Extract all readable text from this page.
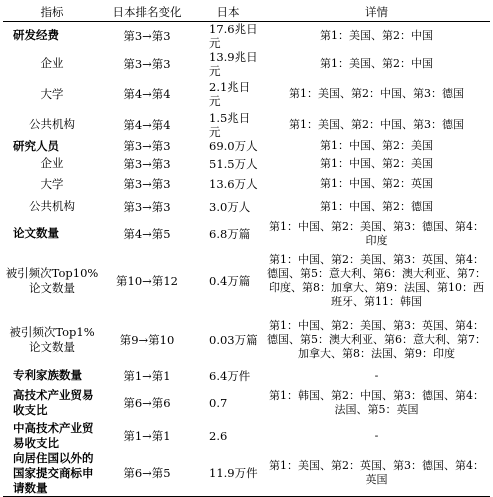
指标	日本排名变化	日本	详情
研发经费	第3→第3	17.6兆日元	第1：美国、第2：中国
企业	第3→第3	13.9兆日元	第1：美国、第2：中国
大学	第4→第4	2.1兆日元	第1：美国、第2：中国、第3：德国
公共机构	第4→第4	1.5兆日元	第1：美国、第2：中国、第3：德国
研究人员	第3→第3	69.0万人	第1：中国、第2：美国
企业	第3→第3	51.5万人	第1：中国、第2：美国
大学	第3→第3	13.6万人	第1：中国、第2：英国
公共机构	第3→第3	3.0万人	第1：中国、第2：德国
论文数量	第4→第5	6.8万篇	第1：中国、第2：美国、第3：德国、第4：印度
被引频次Top10%论文数量	第10→第12	0.4万篇	第1：中国、第2：美国、第3：英国、第4：德国、第5：意大利、第6：澳大利亚、第7：印度、第8：加拿大、第9：法国、第10：西班牙、第11：韩国
被引频次Top1%论文数量	第9→第10	0.03万篇	第1：中国、第2：美国、第3：英国、第4：德国、第5：澳大利亚、第6：意大利、第7：加拿大、第8：法国、第9：印度
专利家族数量	第1→第1	6.4万件	-
高技术产业贸易收支比	第6→第6	0.7	第1：韩国、第2：中国、第3：德国、第4：法国、第5：英国
中高技术产业贸易收支比	第1→第1	2.6	-
向居住国以外的国家提交商标申请数量	第6→第5	11.9万件	第1：美国、第2：英国、第3：德国、第4：英国
